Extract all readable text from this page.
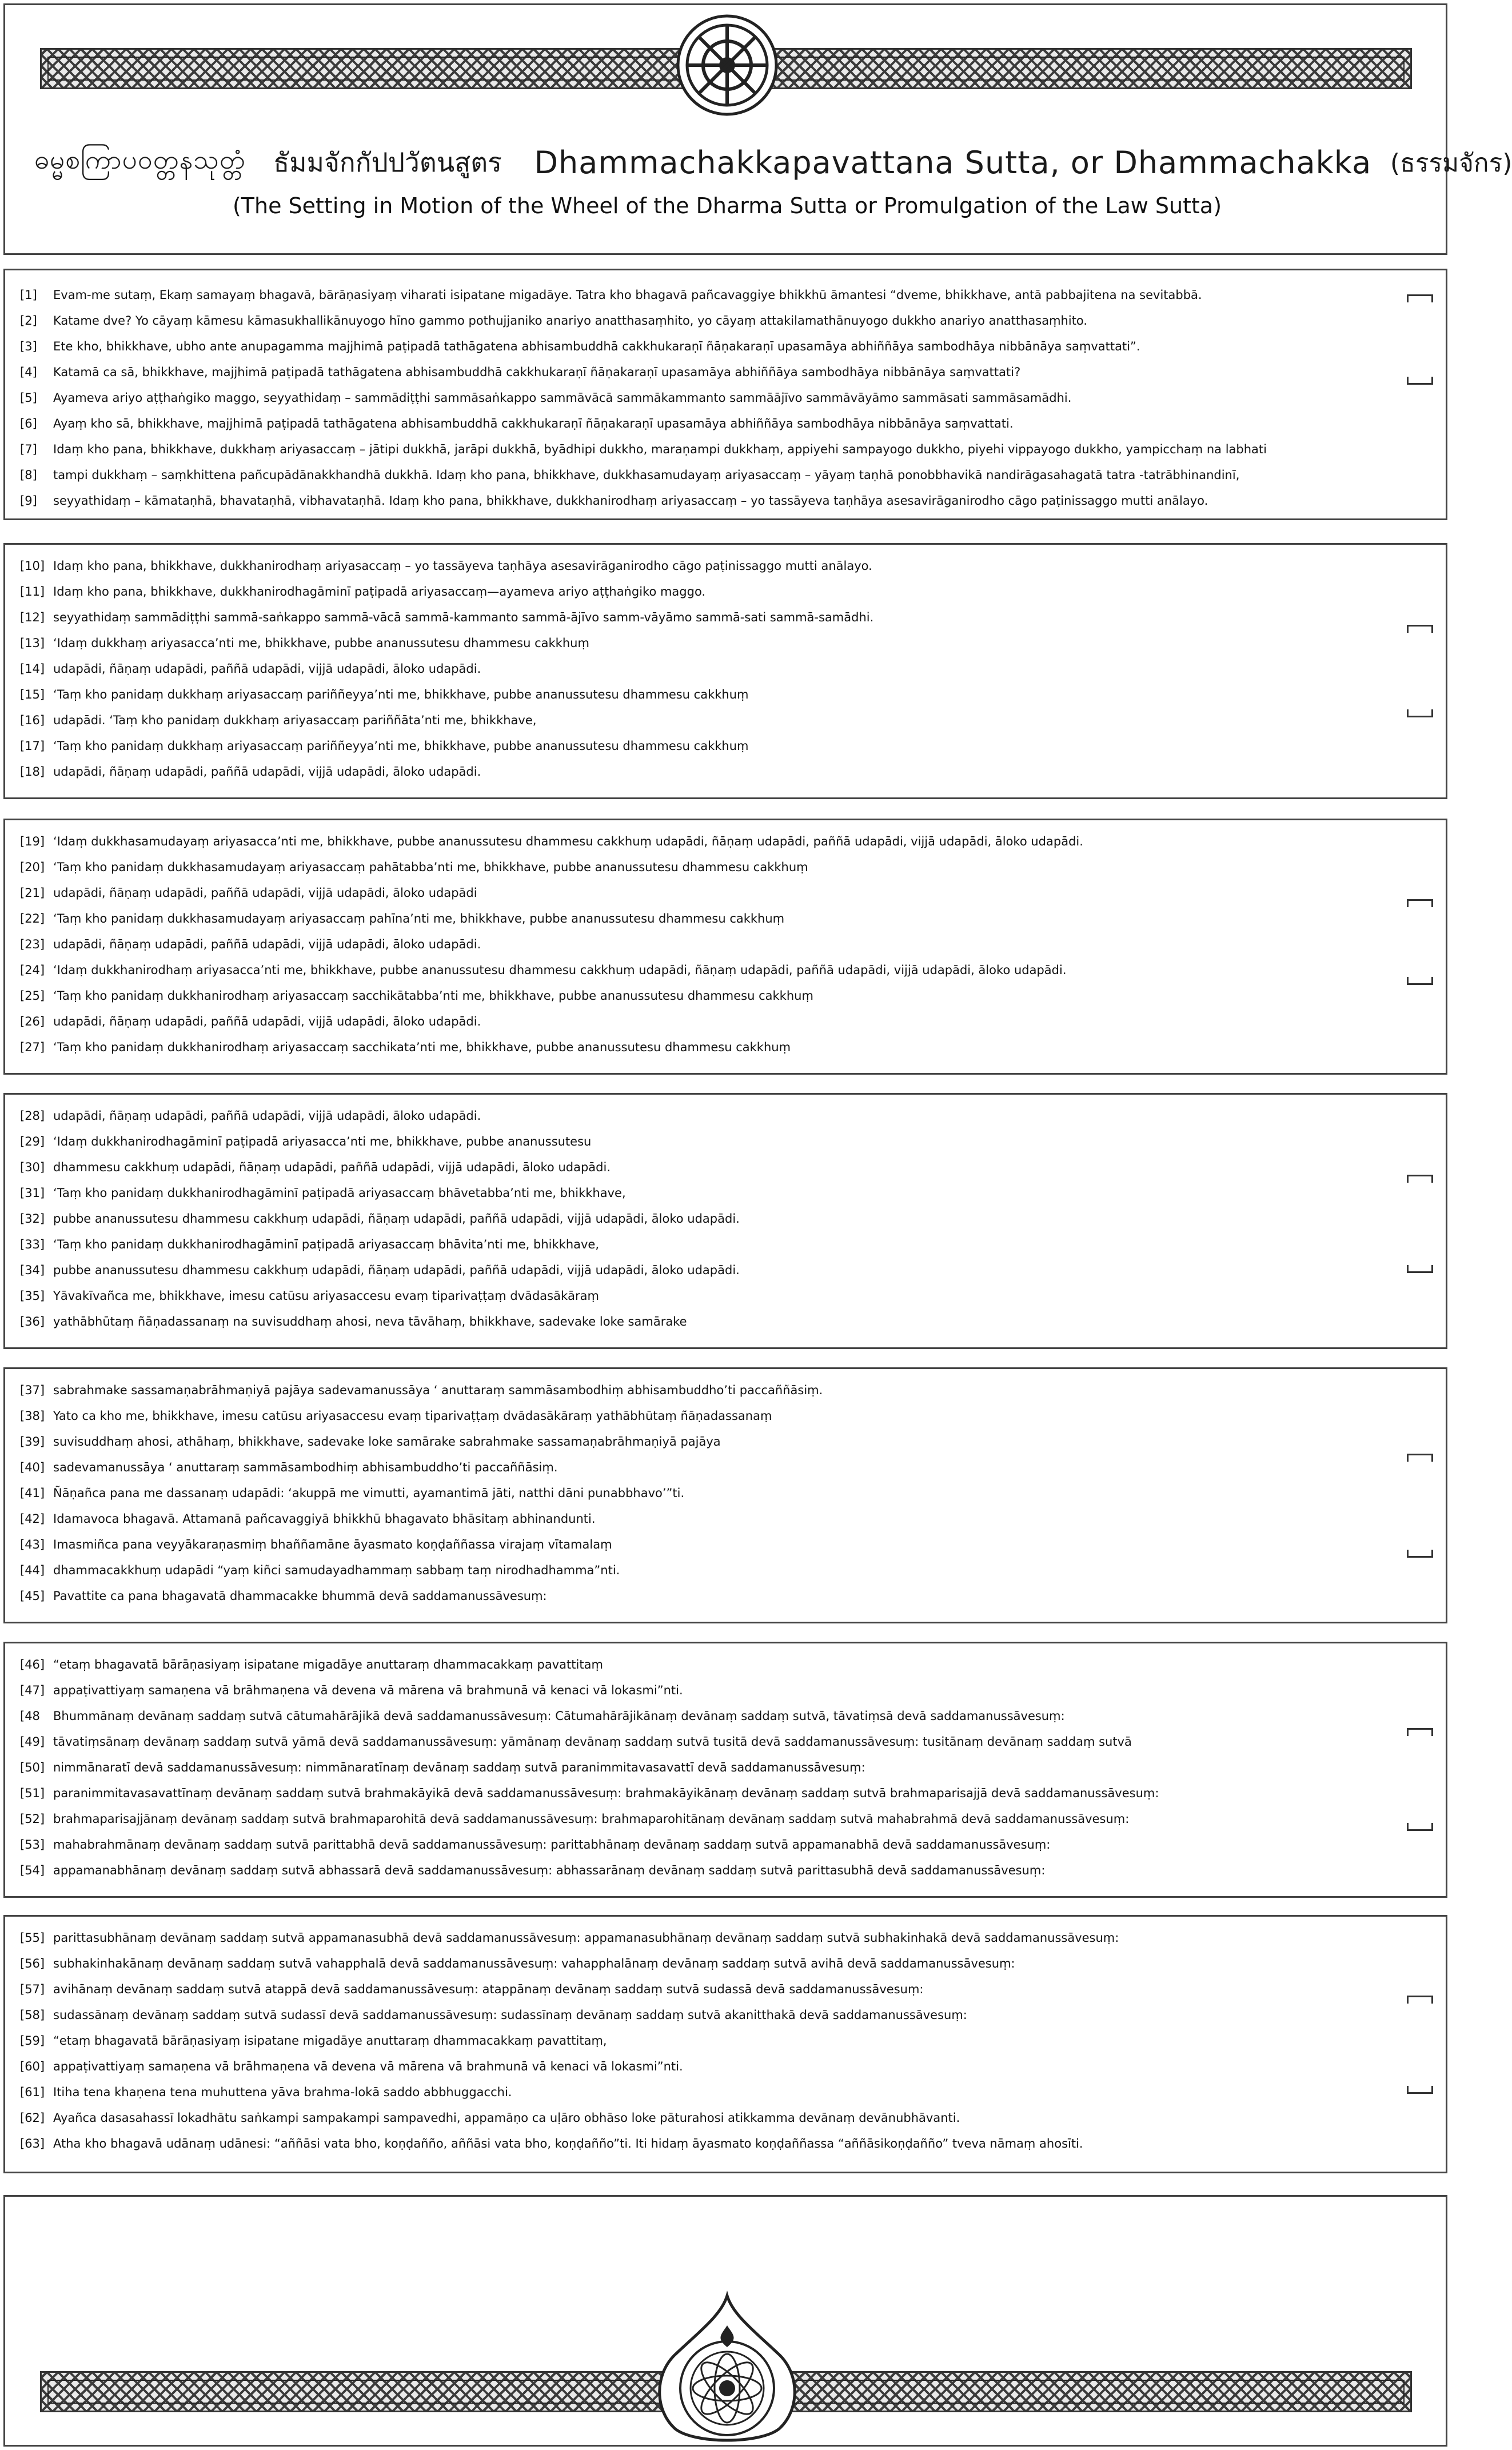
ဓမ္မစကြာပဝတ္တနသုတ္တံ ธัมมจักกัปปวัตนสูตร Dhammachakkapavattana Sutta, or Dhammachakka (ธรรมจักร)
(The Setting in Motion of the Wheel of the Dharma Sutta or Promulgation of the Law Sutta)
[1] Evam-me sutaṃ, Ekaṃ samayaṃ bhagavā, bārāṇasiyaṃ viharati isipatane migadāye. Tatra kho bhagavā pañcavaggiye bhikkhū āmantesi “dveme, bhikkhave, antā pabbajitena na sevitabbā.
[2] Katame dve? Yo cāyaṃ kāmesu kāmasukhallikānuyogo hīno gammo pothujjaniko anariyo anatthasaṃhito, yo cāyaṃ attakilamathānuyogo dukkho anariyo anatthasaṃhito.
[3] Ete kho, bhikkhave, ubho ante anupagamma majjhimā paṭipadā tathāgatena abhisambuddhā cakkhukaraṇī ñāṇakaraṇī upasamāya abhiññāya sambodhāya nibbānāya saṃvattati”.
[4] Katamā ca sā, bhikkhave, majjhimā paṭipadā tathāgatena abhisambuddhā cakkhukaraṇī ñāṇakaraṇī upasamāya abhiññāya sambodhāya nibbānāya saṃvattati?
[5] Ayameva ariyo aṭṭhaṅgiko maggo, seyyathidaṃ – sammādiṭṭhi sammāsaṅkappo sammāvācā sammākammanto sammāājīvo sammāvāyāmo sammāsati sammāsamādhi.
[6] Ayaṃ kho sā, bhikkhave, majjhimā paṭipadā tathāgatena abhisambuddhā cakkhukaraṇī ñāṇakaraṇī upasamāya abhiññāya sambodhāya nibbānāya saṃvattati.
[7] Idaṃ kho pana, bhikkhave, dukkhaṃ ariyasaccaṃ – jātipi dukkhā, jarāpi dukkhā, byādhipi dukkho, maraṇampi dukkhaṃ, appiyehi sampayogo dukkho, piyehi vippayogo dukkho, yampicchaṃ na labhati
[8] tampi dukkhaṃ – saṃkhittena pañcupādānakkhandhā dukkhā. Idaṃ kho pana, bhikkhave, dukkhasamudayaṃ ariyasaccaṃ – yāyaṃ taṇhā ponobbhavikā nandirāgasahagatā tatra -tatrābhinandinī,
[9] seyyathidaṃ – kāmataṇhā, bhavataṇhā, vibhavataṇhā. Idaṃ kho pana, bhikkhave, dukkhanirodhaṃ ariyasaccaṃ – yo tassāyeva taṇhāya asesavirāganirodho cāgo paṭinissaggo mutti anālayo.
[10] Idaṃ kho pana, bhikkhave, dukkhanirodhaṃ ariyasaccaṃ – yo tassāyeva taṇhāya asesavirāganirodho cāgo paṭinissaggo mutti anālayo.
[11] Idaṃ kho pana, bhikkhave, dukkhanirodhagāminī paṭipadā ariyasaccaṃ—ayameva ariyo aṭṭhaṅgiko maggo.
[12] seyyathidaṃ sammādiṭṭhi sammā-saṅkappo sammā-vācā sammā-kammanto sammā-ājīvo samm-vāyāmo sammā-sati sammā-samādhi.
[13] ‘Idaṃ dukkhaṃ ariyasacca’nti me, bhikkhave, pubbe ananussutesu dhammesu cakkhuṃ
[14] udapādi, ñāṇaṃ udapādi, paññā udapādi, vijjā udapādi, āloko udapādi.
[15] ‘Taṃ kho panidaṃ dukkhaṃ ariyasaccaṃ pariññeyya’nti me, bhikkhave, pubbe ananussutesu dhammesu cakkhuṃ
[16] udapādi. ‘Taṃ kho panidaṃ dukkhaṃ ariyasaccaṃ pariññāta’nti me, bhikkhave,
[17] ‘Taṃ kho panidaṃ dukkhaṃ ariyasaccaṃ pariññeyya’nti me, bhikkhave, pubbe ananussutesu dhammesu cakkhuṃ
[18] udapādi, ñāṇaṃ udapādi, paññā udapādi, vijjā udapādi, āloko udapādi.
[19] ‘Idaṃ dukkhasamudayaṃ ariyasacca’nti me, bhikkhave, pubbe ananussutesu dhammesu cakkhuṃ udapādi, ñāṇaṃ udapādi, paññā udapādi, vijjā udapādi, āloko udapādi.
[20] ‘Taṃ kho panidaṃ dukkhasamudayaṃ ariyasaccaṃ pahātabba’nti me, bhikkhave, pubbe ananussutesu dhammesu cakkhuṃ
[21] udapādi, ñāṇaṃ udapādi, paññā udapādi, vijjā udapādi, āloko udapādi
[22] ‘Taṃ kho panidaṃ dukkhasamudayaṃ ariyasaccaṃ pahīna’nti me, bhikkhave, pubbe ananussutesu dhammesu cakkhuṃ
[23] udapādi, ñāṇaṃ udapādi, paññā udapādi, vijjā udapādi, āloko udapādi.
[24] ‘Idaṃ dukkhanirodhaṃ ariyasacca’nti me, bhikkhave, pubbe ananussutesu dhammesu cakkhuṃ udapādi, ñāṇaṃ udapādi, paññā udapādi, vijjā udapādi, āloko udapādi.
[25] ‘Taṃ kho panidaṃ dukkhanirodhaṃ ariyasaccaṃ sacchikātabba’nti me, bhikkhave, pubbe ananussutesu dhammesu cakkhuṃ
[26] udapādi, ñāṇaṃ udapādi, paññā udapādi, vijjā udapādi, āloko udapādi.
[27] ‘Taṃ kho panidaṃ dukkhanirodhaṃ ariyasaccaṃ sacchikata’nti me, bhikkhave, pubbe ananussutesu dhammesu cakkhuṃ
[28] udapādi, ñāṇaṃ udapādi, paññā udapādi, vijjā udapādi, āloko udapādi.
[29] ‘Idaṃ dukkhanirodhagāminī paṭipadā ariyasacca’nti me, bhikkhave, pubbe ananussutesu
[30] dhammesu cakkhuṃ udapādi, ñāṇaṃ udapādi, paññā udapādi, vijjā udapādi, āloko udapādi.
[31] ‘Taṃ kho panidaṃ dukkhanirodhagāminī paṭipadā ariyasaccaṃ bhāvetabba’nti me, bhikkhave,
[32] pubbe ananussutesu dhammesu cakkhuṃ udapādi, ñāṇaṃ udapādi, paññā udapādi, vijjā udapādi, āloko udapādi.
[33] ‘Taṃ kho panidaṃ dukkhanirodhagāminī paṭipadā ariyasaccaṃ bhāvita’nti me, bhikkhave,
[34] pubbe ananussutesu dhammesu cakkhuṃ udapādi, ñāṇaṃ udapādi, paññā udapādi, vijjā udapādi, āloko udapādi.
[35] Yāvakīvañca me, bhikkhave, imesu catūsu ariyasaccesu evaṃ tiparivaṭṭaṃ dvādasākāraṃ
[36] yathābhūtaṃ ñāṇadassanaṃ na suvisuddhaṃ ahosi, neva tāvāhaṃ, bhikkhave, sadevake loke samārake
[37] sabrahmake sassamaṇabrāhmaṇiyā pajāya sadevamanussāya ‘ anuttaraṃ sammāsambodhiṃ abhisambuddho’ti paccaññāsiṃ.
[38] Yato ca kho me, bhikkhave, imesu catūsu ariyasaccesu evaṃ tiparivaṭṭaṃ dvādasākāraṃ yathābhūtaṃ ñāṇadassanaṃ
[39] suvisuddhaṃ ahosi, athāhaṃ, bhikkhave, sadevake loke samārake sabrahmake sassamaṇabrāhmaṇiyā pajāya
[40] sadevamanussāya ‘ anuttaraṃ sammāsambodhiṃ abhisambuddho’ti paccaññāsiṃ.
[41] Ñāṇañca pana me dassanaṃ udapādi: ‘akuppā me vimutti, ayamantimā jāti, natthi dāni punabbhavo’”ti.
[42] Idamavoca bhagavā. Attamanā pañcavaggiyā bhikkhū bhagavato bhāsitaṃ abhinandunti.
[43] Imasmiñca pana veyyākaraṇasmiṃ bhaññamāne āyasmato koṇḍaññassa virajaṃ vītamalaṃ
[44] dhammacakkhuṃ udapādi “yaṃ kiñci samudayadhammaṃ sabbaṃ taṃ nirodhadhamma”nti.
[45] Pavattite ca pana bhagavatā dhammacakke bhummā devā saddamanussāvesuṃ:
[46] “etaṃ bhagavatā bārāṇasiyaṃ isipatane migadāye anuttaraṃ dhammacakkaṃ pavattitaṃ
[47] appaṭivattiyaṃ samaṇena vā brāhmaṇena vā devena vā mārena vā brahmunā vā kenaci vā lokasmi”nti.
[48 Bhummānaṃ devānaṃ saddaṃ sutvā cātumahārājikā devā saddamanussāvesuṃ: Cātumahārājikānaṃ devānaṃ saddaṃ sutvā, tāvatiṃsā devā saddamanussāvesuṃ:
[49] tāvatiṃsānaṃ devānaṃ saddaṃ sutvā yāmā devā saddamanussāvesuṃ: yāmānaṃ devānaṃ saddaṃ sutvā tusitā devā saddamanussāvesuṃ: tusitānaṃ devānaṃ saddaṃ sutvā
[50] nimmānaratī devā saddamanussāvesuṃ: nimmānaratīnaṃ devānaṃ saddaṃ sutvā paranimmitavasavattī devā saddamanussāvesuṃ:
[51] paranimmitavasavattīnaṃ devānaṃ saddaṃ sutvā brahmakāyikā devā saddamanussāvesuṃ: brahmakāyikānaṃ devānaṃ saddaṃ sutvā brahmaparisajjā devā saddamanussāvesuṃ:
[52] brahmaparisajjānaṃ devānaṃ saddaṃ sutvā brahmaparohitā devā saddamanussāvesuṃ: brahmaparohitānaṃ devānaṃ saddaṃ sutvā mahabrahmā devā saddamanussāvesuṃ:
[53] mahabrahmānaṃ devānaṃ saddaṃ sutvā parittabhā devā saddamanussāvesuṃ: parittabhānaṃ devānaṃ saddaṃ sutvā appamanabhā devā saddamanussāvesuṃ:
[54] appamanabhānaṃ devānaṃ saddaṃ sutvā abhassarā devā saddamanussāvesuṃ: abhassarānaṃ devānaṃ saddaṃ sutvā parittasubhā devā saddamanussāvesuṃ:
[55] parittasubhānaṃ devānaṃ saddaṃ sutvā appamanasubhā devā saddamanussāvesuṃ: appamanasubhānaṃ devānaṃ saddaṃ sutvā subhakinhakā devā saddamanussāvesuṃ:
[56] subhakinhakānaṃ devānaṃ saddaṃ sutvā vahapphalā devā saddamanussāvesuṃ: vahapphalānaṃ devānaṃ saddaṃ sutvā avihā devā saddamanussāvesuṃ:
[57] avihānaṃ devānaṃ saddaṃ sutvā atappā devā saddamanussāvesuṃ: atappānaṃ devānaṃ saddaṃ sutvā sudassā devā saddamanussāvesuṃ:
[58] sudassānaṃ devānaṃ saddaṃ sutvā sudassī devā saddamanussāvesuṃ: sudassīnaṃ devānaṃ saddaṃ sutvā akanitthakā devā saddamanussāvesuṃ:
[59] “etaṃ bhagavatā bārāṇasiyaṃ isipatane migadāye anuttaraṃ dhammacakkaṃ pavattitaṃ,
[60] appaṭivattiyaṃ samaṇena vā brāhmaṇena vā devena vā mārena vā brahmunā vā kenaci vā lokasmi”nti.
[61] Itiha tena khaṇena tena muhuttena yāva brahma-lokā saddo abbhuggacchi.
[62] Ayañca dasasahassī lokadhātu saṅkampi sampakampi sampavedhi, appamāṇo ca uḷāro obhāso loke pāturahosi atikkamma devānaṃ devānubhāvanti.
[63] Atha kho bhagavā udānaṃ udānesi: “aññāsi vata bho, koṇḍañño, aññāsi vata bho, koṇḍañño”ti. Iti hidaṃ āyasmato koṇḍaññassa “aññāsikoṇḍañño” tveva nāmaṃ ahosīti.
